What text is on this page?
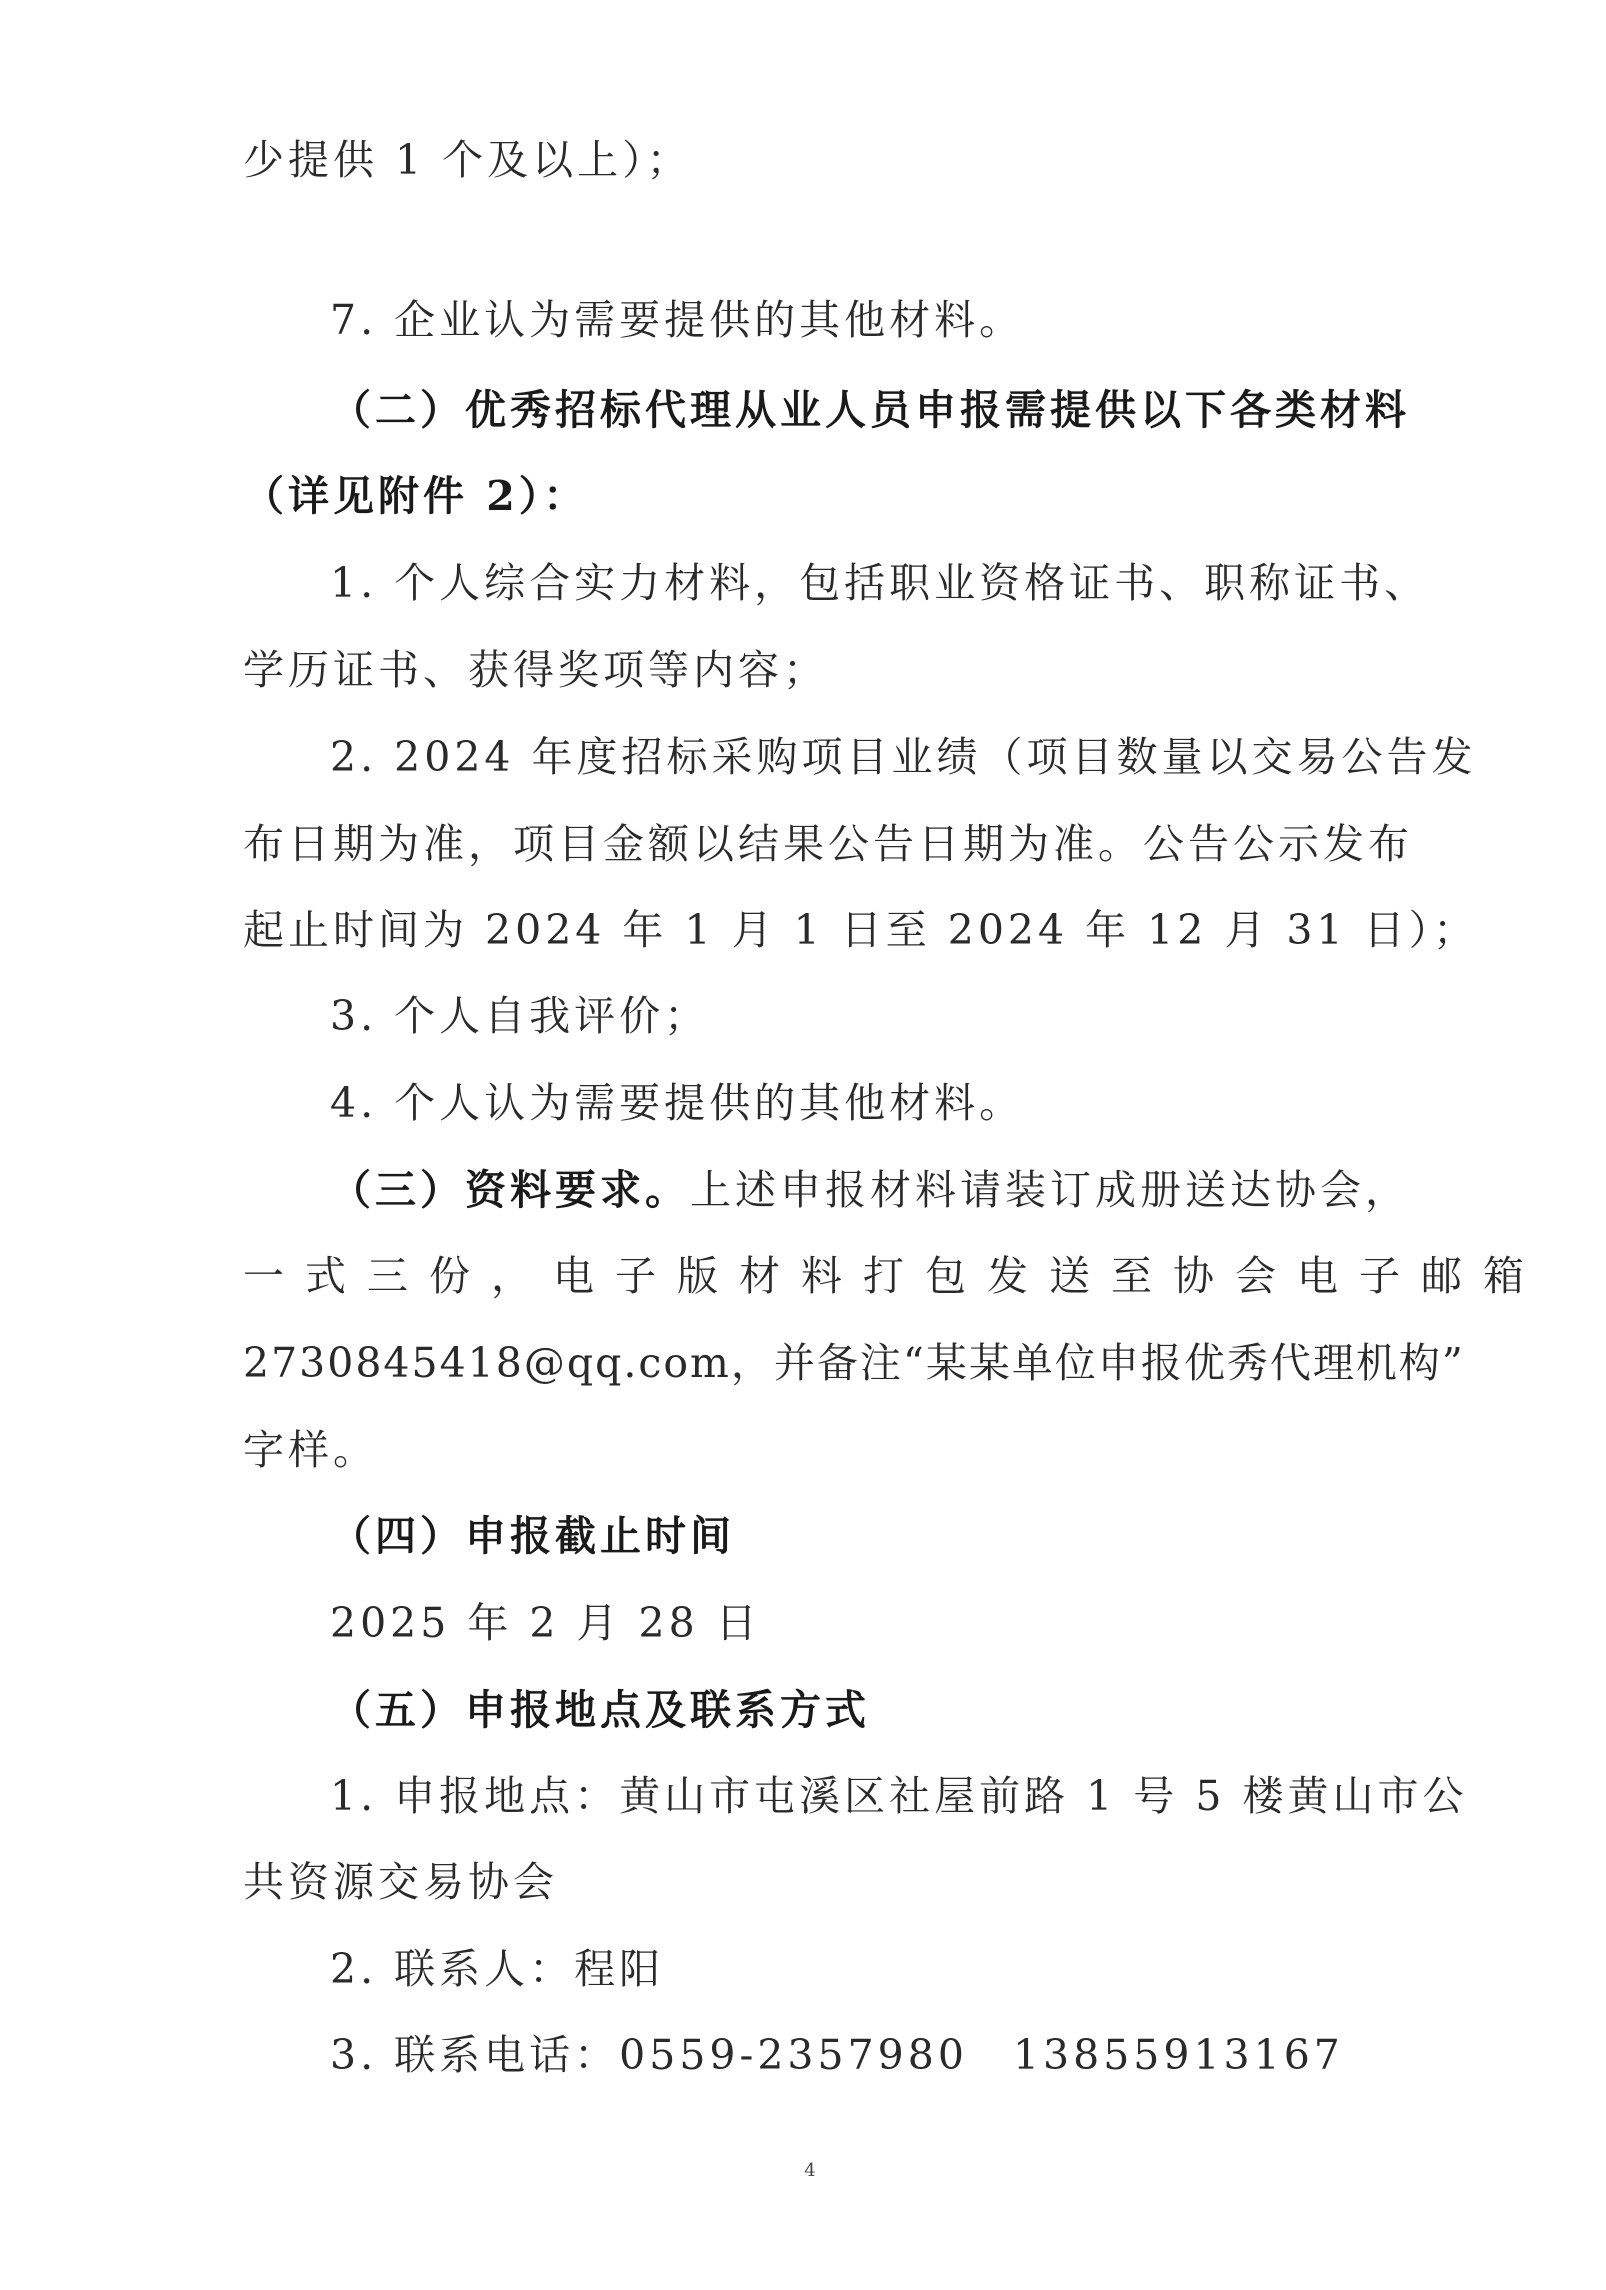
少提供 1 个及以上）；
7. 企业认为需要提供的其他材料。
（二）优秀招标代理从业人员申报需提供以下各类材料
（详见附件 2）：
1. 个人综合实力材料，包括职业资格证书、职称证书、
学历证书、获得奖项等内容；
2. 2024 年度招标采购项目业绩（项目数量以交易公告发
布日期为准，项目金额以结果公告日期为准。公告公示发布
起止时间为 2024 年 1 月 1 日至 2024 年 12 月 31 日）；
3. 个人自我评价；
4. 个人认为需要提供的其他材料。
（三）资料要求。上述申报材料请装订成册送达协会，
一式三份，电子版材料打包发送至协会电子邮箱
2730845418@qq.com，并备注“某某单位申报优秀代理机构”
字样。
（四）申报截止时间
2025 年 2 月 28 日
（五）申报地点及联系方式
1. 申报地点：黄山市屯溪区社屋前路 1 号 5 楼黄山市公
共资源交易协会
2. 联系人：程阳
3. 联系电话：0559-2357980　13855913167
4
